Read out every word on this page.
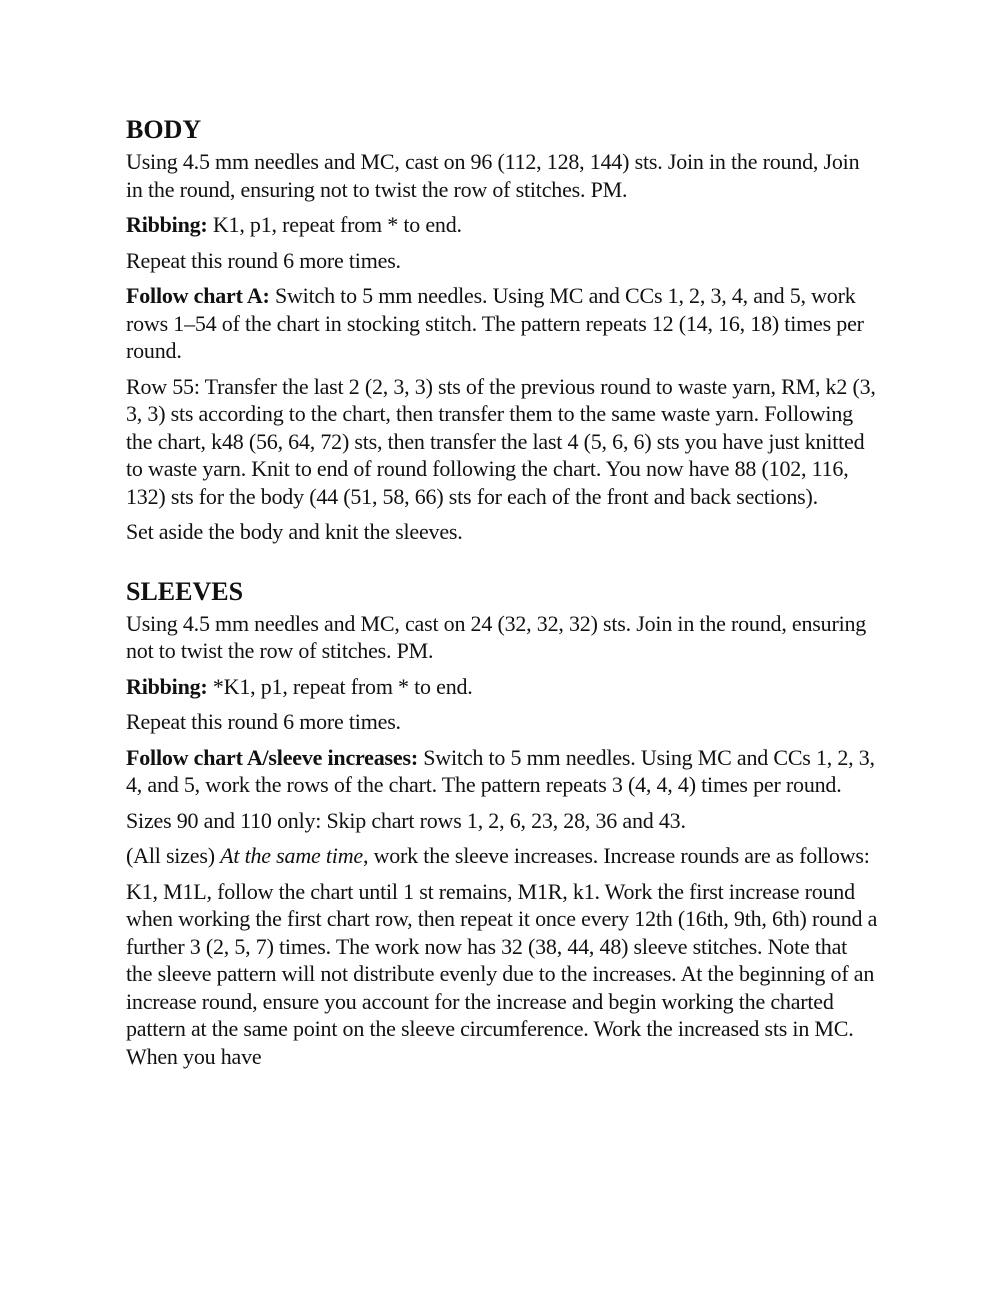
BODY

Using 4.5 mm needles and MC, cast on 96 (112, 128, 144) sts. Join in the round, Join in the round, ensuring not to twist the row of stitches. PM.

Ribbing: K1, p1, repeat from * to end.

Repeat this round 6 more times.

Follow chart A: Switch to 5 mm needles. Using MC and CCs 1, 2, 3, 4, and 5, work rows 1–54 of the chart in stocking stitch. The pattern repeats 12 (14, 16, 18) times per round.

Row 55: Transfer the last 2 (2, 3, 3) sts of the previous round to waste yarn, RM, k2 (3, 3, 3) sts according to the chart, then transfer them to the same waste yarn. Following the chart, k48 (56, 64, 72) sts, then transfer the last 4 (5, 6, 6) sts you have just knitted to waste yarn. Knit to end of round following the chart. You now have 88 (102, 116, 132) sts for the body (44 (51, 58, 66) sts for each of the front and back sections).

Set aside the body and knit the sleeves.

SLEEVES

Using 4.5 mm needles and MC, cast on 24 (32, 32, 32) sts. Join in the round, ensuring not to twist the row of stitches. PM.

Ribbing: *K1, p1, repeat from * to end.

Repeat this round 6 more times.

Follow chart A/sleeve increases: Switch to 5 mm needles. Using MC and CCs 1, 2, 3, 4, and 5, work the rows of the chart. The pattern repeats 3 (4, 4, 4) times per round.

Sizes 90 and 110 only: Skip chart rows 1, 2, 6, 23, 28, 36 and 43.

(All sizes) At the same time, work the sleeve increases. Increase rounds are as follows:

K1, M1L, follow the chart until 1 st remains, M1R, k1. Work the first increase round when working the first chart row, then repeat it once every 12th (16th, 9th, 6th) round a further 3 (2, 5, 7) times. The work now has 32 (38, 44, 48) sleeve stitches. Note that the sleeve pattern will not distribute evenly due to the increases. At the beginning of an increase round, ensure you account for the increase and begin working the charted pattern at the same point on the sleeve circumference. Work the increased sts in MC. When you have
